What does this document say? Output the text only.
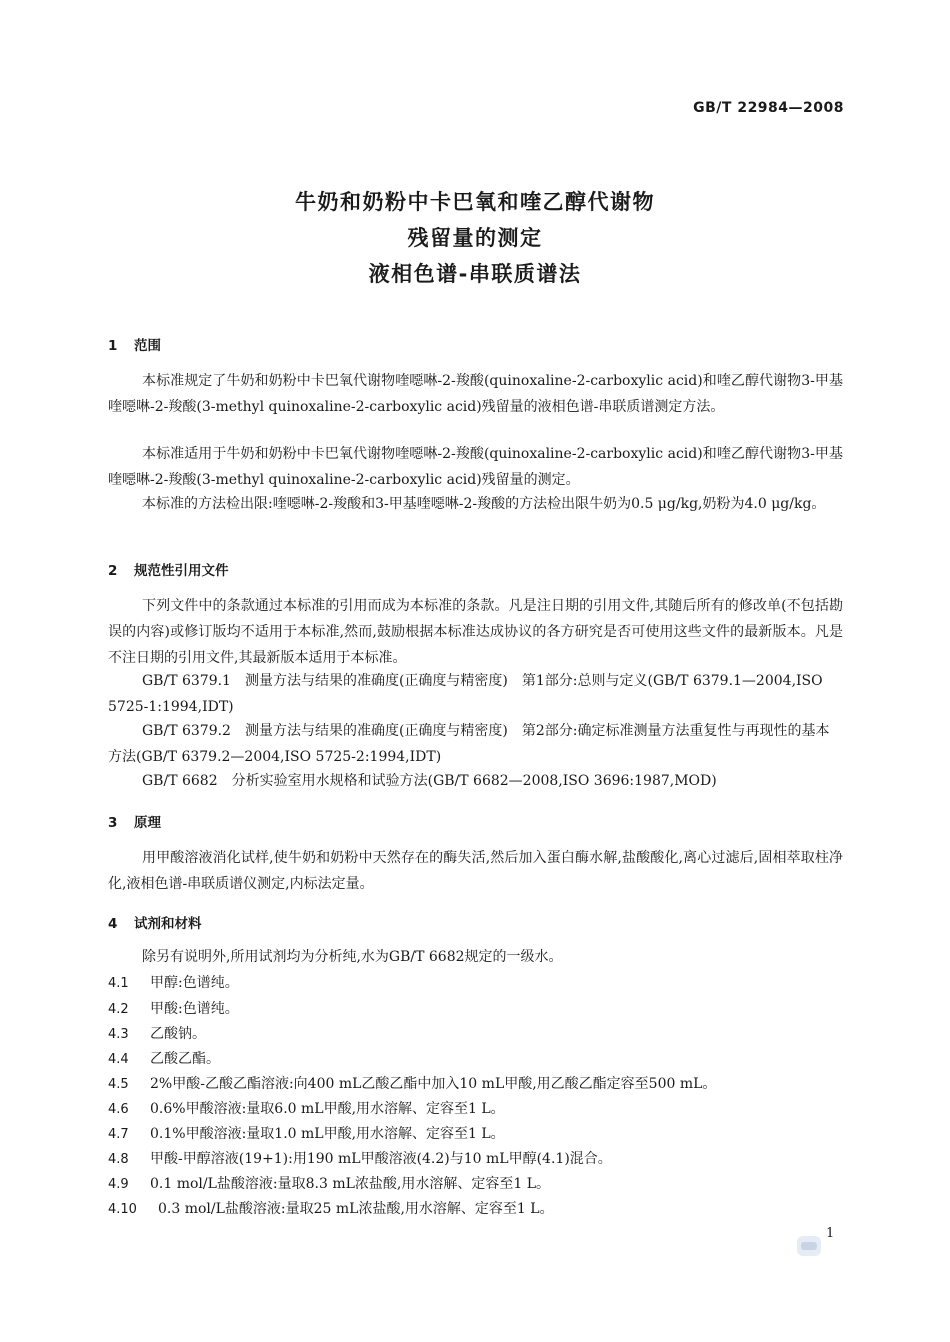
GB/T 22984—2008
牛奶和奶粉中卡巴氧和喹乙醇代谢物
残留量的测定
液相色谱-串联质谱法
1 范围
本标准规定了牛奶和奶粉中卡巴氧代谢物喹噁啉-2-羧酸(quinoxaline-2-carboxylic acid)和喹乙醇代谢物3-甲基喹噁啉-2-羧酸(3-methyl quinoxaline-2-carboxylic acid)残留量的液相色谱-串联质谱测定方法。
本标准适用于牛奶和奶粉中卡巴氧代谢物喹噁啉-2-羧酸(quinoxaline-2-carboxylic acid)和喹乙醇代谢物3-甲基喹噁啉-2-羧酸(3-methyl quinoxaline-2-carboxylic acid)残留量的测定。
本标准的方法检出限:喹噁啉-2-羧酸和3-甲基喹噁啉-2-羧酸的方法检出限牛奶为0.5 μg/kg,奶粉为4.0 μg/kg。
2 规范性引用文件
下列文件中的条款通过本标准的引用而成为本标准的条款。凡是注日期的引用文件,其随后所有的修改单(不包括勘误的内容)或修订版均不适用于本标准,然而,鼓励根据本标准达成协议的各方研究是否可使用这些文件的最新版本。凡是不注日期的引用文件,其最新版本适用于本标准。
GB/T 6379.1　测量方法与结果的准确度(正确度与精密度)　第1部分:总则与定义(GB/T 6379.1—2004,ISO 5725-1:1994,IDT)
GB/T 6379.2　测量方法与结果的准确度(正确度与精密度)　第2部分:确定标准测量方法重复性与再现性的基本方法(GB/T 6379.2—2004,ISO 5725-2:1994,IDT)
GB/T 6682　分析实验室用水规格和试验方法(GB/T 6682—2008,ISO 3696:1987,MOD)
3 原理
用甲酸溶液消化试样,使牛奶和奶粉中天然存在的酶失活,然后加入蛋白酶水解,盐酸酸化,离心过滤后,固相萃取柱净化,液相色谱-串联质谱仪测定,内标法定量。
4 试剂和材料
除另有说明外,所用试剂均为分析纯,水为GB/T 6682规定的一级水。
4.1 甲醇:色谱纯。
4.2 甲酸:色谱纯。
4.3 乙酸钠。
4.4 乙酸乙酯。
4.5 2%甲酸-乙酸乙酯溶液:向400 mL乙酸乙酯中加入10 mL甲酸,用乙酸乙酯定容至500 mL。
4.6 0.6%甲酸溶液:量取6.0 mL甲酸,用水溶解、定容至1 L。
4.7 0.1%甲酸溶液:量取1.0 mL甲酸,用水溶解、定容至1 L。
4.8 甲酸-甲醇溶液(19+1):用190 mL甲酸溶液(4.2)与10 mL甲醇(4.1)混合。
4.9 0.1 mol/L盐酸溶液:量取8.3 mL浓盐酸,用水溶解、定容至1 L。
4.10 0.3 mol/L盐酸溶液:量取25 mL浓盐酸,用水溶解、定容至1 L。
1
